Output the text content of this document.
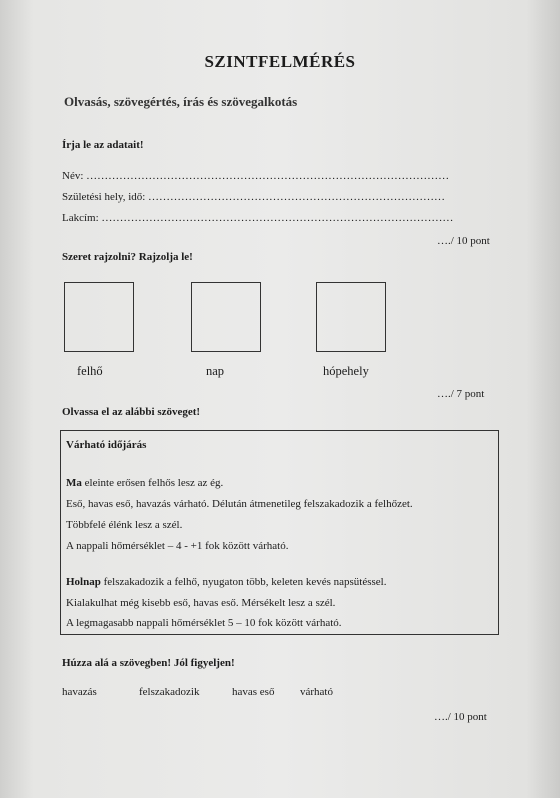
SZINTFELMÉRÉS
Olvasás, szövegértés, írás és szövegalkotás
Írja le az adatait!
Név: ………………………………………………………………………………………
Születési hely, idő: ………………………………………………………………………
Lakcím: ……………………………………………………………………………………
…./ 10 pont
Szeret rajzolni? Rajzolja le!
felhő	nap	hópehely
…./ 7 pont
Olvassa el az alábbi szöveget!
Várható időjárás
Ma eleinte erősen felhős lesz az ég.
Eső, havas eső, havazás várható. Délután átmenetileg felszakadozik a felhőzet.
Többfelé élénk lesz a szél.
A nappali hőmérséklet – 4 - +1 fok között várható.
Holnap felszakadozik a felhő, nyugaton több, keleten kevés napsütéssel.
Kialakulhat még kisebb eső, havas eső. Mérsékelt lesz a szél.
A legmagasabb nappali hőmérséklet 5 – 10 fok között várható.
Húzza alá a szövegben! Jól figyeljen!
havazás	felszakadozik	havas eső várható
…./ 10 pont
